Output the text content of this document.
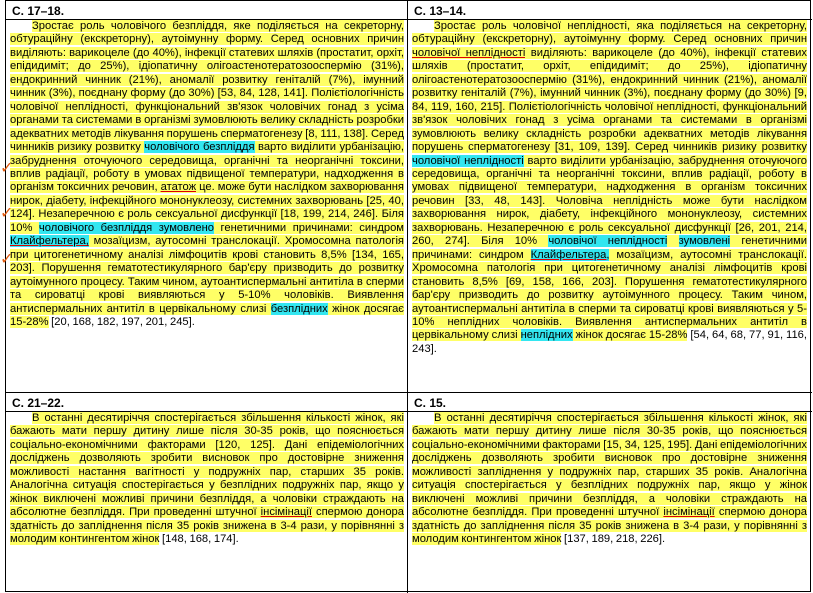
С. 17–18.

Зростає роль чоловічого безпліддя, яке поділяється на секреторну, обтураційну (екскреторну), аутоімунну форму. Серед основних причин виділяють: варикоцеле (до 40%), інфекції статевих шляхів (простатит, орхіт, епідидиміт; до 25%), ідіопатичну олігоастенотератозооспермію (31%), ендокринний чинник (21%), аномалії розвитку геніталій (7%), імунний чинник (3%), поєднану форму (до 30%) [53, 84, 128, 141]. Полієтіологічність чоловічої неплідності, функціональний зв'язок чоловічих гонад з усіма органами та системами в організмі зумовлюють велику складність розробки адекватних методів лікування порушень сперматогенезу [8, 111, 138]. Серед чинників ризику розвитку чоловічого безпліддя варто виділити урбанізацію, забруднення оточуючого середовища, органічні та неорганічні токсини, вплив радіації, роботу в умовах підвищеної температури, надходження в організм токсичних речовин, ататож це. може бути наслідком захворювання нирок, діабету, інфекційного мононуклеозу, системних захворювань [25, 40, 124]. Незаперечною є роль сексуальної дисфункції [18, 199, 214, 246]. Біля 10% чоловічого безпліддя зумовлено генетичними причинами: синдром Клайфельтера, мозаїцизм, аутосомні транслокації. Хромосомна патологія при цитогенетичному аналізі лімфоцитів крові становить 8,5% [134, 165, 203]. Порушення гематотестикулярного бар'єру призводить до розвитку аутоімунного процесу. Таким чином, аутоантиспермальні антитіла в сперми та сироватці крові виявляються у 5-10% чоловіків. Виявлення антиспермальних антитіл в цервікальному слизі безплідних жінок досягає 15-28% [20, 168, 182, 197, 201, 245].

С. 13–14.

Зростає роль чоловічої неплідності, яка поділяється на секреторну, обтураційну (екскреторну), аутоімунну форму. Серед основних причин чоловічої неплідності виділяють: варикоцеле (до 40%), інфекції статевих шляхів (простатит, орхіт, епідидиміт; до 25%), ідіопатичну олігоастенотератозооспермію (31%), ендокринний чинник (21%), аномалії розвитку геніталій (7%), імунний чинник (3%), поєднану форму (до 30%) [9, 84, 119, 160, 215]. Полієтіологічність чоловічої неплідності, функціональний зв'язок чоловічих гонад з усіма органами та системами в організмі зумовлюють велику складність розробки адекватних методів лікування порушень сперматогенезу [31, 109, 139]. Серед чинників ризику розвитку чоловічої неплідності варто виділити урбанізацію, забруднення оточуючого середовища, органічні та неорганічні токсини, вплив радіації, роботу в умовах підвищеної температури, надходження в організм токсичних речовин [33, 48, 143]. Чоловіча неплідність може бути наслідком захворювання нирок, діабету, інфекційного мононуклеозу, системних захворювань. Незаперечною є роль сексуальної дисфункції [26, 201, 214, 260, 274]. Біля 10% чоловічої неплідності зумовлені генетичними причинами: синдром Клайфельтера, мозаїцизм, аутосомні транслокації. Хромосомна патологія при цитогенетичному аналізі лімфоцитів крові становить 8,5% [69, 158, 166, 203]. Порушення гематотестикулярного бар'єру призводить до розвитку аутоімунного процесу. Таким чином, аутоантиспермальні антитіла в сперми та сироватці крові виявляються у 5-10% неплідних чоловіків. Виявлення антиспермальних антитіл в цервікальному слизі неплідних жінок досягає 15-28% [54, 64, 68, 77, 91, 116, 243].

С. 21–22.

В останні десятиріччя спостерігається збільшення кількості жінок, які бажають мати першу дитину лише після 30-35 років, що пояснюється соціально-економічними факторами [120, 125]. Дані епідеміологічних досліджень дозволяють зробити висновок про достовірне зниження можливості настання вагітності у подружніх пар, старших 35 років. Аналогічна ситуація спостерігається у безплідних подружніх пар, якщо у жінок виключені можливі причини безпліддя, а чоловіки страждають на абсолютне безпліддя. При проведенні штучної інсімінації спермою донора здатність до запліднення після 35 років знижена в 3-4 рази, у порівнянні з молодим контингентом жінок [148, 168, 174].

С. 15.

В останні десятиріччя спостерігається збільшення кількості жінок, які бажають мати першу дитину лише після 30-35 років, що пояснюється соціально-економічними факторами [15, 34, 125, 195]. Дані епідеміологічних досліджень дозволяють зробити висновок про достовірне зниження можливості запліднення у подружніх пар, старших 35 років. Аналогічна ситуація спостерігається у безплідних подружніх пар, якщо у жінок виключені можливі причини безпліддя, а чоловіки страждають на абсолютне безпліддя. При проведенні штучної інсімінації спермою донора здатність до запліднення після 35 років знижена в 3-4 рази, у порівнянні з молодим контингентом жінок [137, 189, 218, 226].

✓
✓
✓
